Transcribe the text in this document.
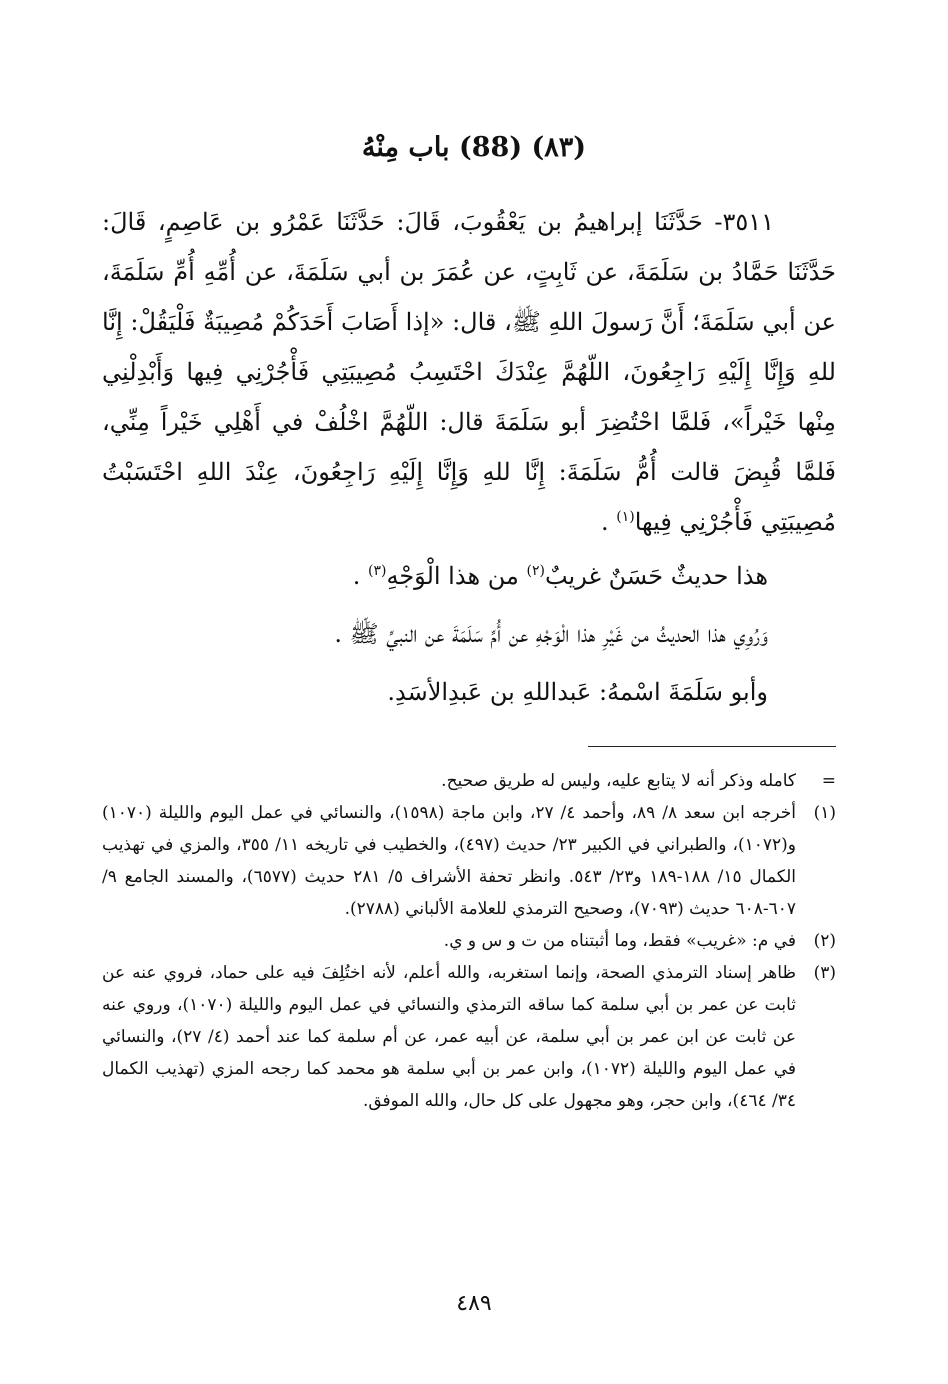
(٨٣) (88) باب مِنْهُ

٣٥١١- حَدَّثَنَا إبراهيمُ بن يَعْقُوبَ، قَالَ: حَدَّثَنَا عَمْرُو بن عَاصِمٍ، قَالَ: حَدَّثَنَا حَمَّادُ بن سَلَمَةَ، عن ثَابِتٍ، عن عُمَرَ بن أبي سَلَمَةَ، عن أُمِّهِ أُمِّ سَلَمَةَ، عن أبي سَلَمَةَ؛ أَنَّ رَسولَ اللهِ ﷺ، قال: «إذا أَصَابَ أَحَدَكُمْ مُصِيبَةٌ فَلْيَقُلْ: إِنَّا للهِ وَإِنَّا إِلَيْهِ رَاجِعُونَ، اللّهُمَّ عِنْدَكَ احْتَسِبُ مُصِيبَتِي فَأْجُرْنِي فِيها وَأَبْدِلْنِي مِنْها خَيْراً»، فَلمَّا احْتُضِرَ أبو سَلَمَةَ قال: اللّهُمَّ اخْلُفْ في أَهْلِي خَيْراً مِنِّي، فَلمَّا قُبِضَ قالت أُمُّ سَلَمَةَ: إِنَّا للهِ وَإِنَّا إِلَيْهِ رَاجِعُونَ، عِنْدَ اللهِ احْتَسَبْتُ مُصِيبَتِي فَأْجُرْنِي فِيها$^{(١)}$ .

هذا حديثٌ حَسَنٌ غريبٌ$^{(٢)}$ من هذا الْوَجْهِ$^{(٣)}$ .

وَرُوِي هذا الحديثُ من غَيْرِ هذا الْوَجْهِ عن أُمِّ سَلَمَةَ عن النبيِّ ﷺ .

وأبو سَلَمَةَ اسْمهُ: عَبداللهِ بن عَبدِالأسَدِ.

=
كامله وذكر أنه لا يتابع عليه، وليس له طريق صحيح.
(١)
أخرجه ابن سعد ٨/ ٨٩، وأحمد ٤/ ٢٧، وابن ماجة (١٥٩٨)، والنسائي في عمل اليوم والليلة (١٠٧٠) و(١٠٧٢)، والطبراني في الكبير ٢٣/ حديث (٤٩٧)، والخطيب في تاريخه ١١/ ٣٥٥، والمزي في تهذيب الكمال ١٥/ ١٨٨-١٨٩ و٢٣/ ٥٤٣. وانظر تحفة الأشراف ٥/ ٢٨١ حديث (٦٥٧٧)، والمسند الجامع ٩/ ٦٠٧-٦٠٨ حديث (٧٠٩٣)، وصحيح الترمذي للعلامة الألباني (٢٧٨٨).
(٢)
في م: «غريب» فقط، وما أثبتناه من ت و س و ي.
(٣)
ظاهر إسناد الترمذي الصحة، وإنما استغربه، والله أعلم، لأنه اختُلِفَ فيه على حماد، فروي عنه عن ثابت عن عمر بن أبي سلمة كما ساقه الترمذي والنسائي في عمل اليوم والليلة (١٠٧٠)، وروي عنه عن ثابت عن ابن عمر بن أبي سلمة، عن أبيه عمر، عن أم سلمة كما عند أحمد (٤/ ٢٧)، والنسائي في عمل اليوم والليلة (١٠٧٢)، وابن عمر بن أبي سلمة هو محمد كما رجحه المزي (تهذيب الكمال ٣٤/ ٤٦٤)، وابن حجر، وهو مجهول على كل حال، والله الموفق.
٤٨٩
